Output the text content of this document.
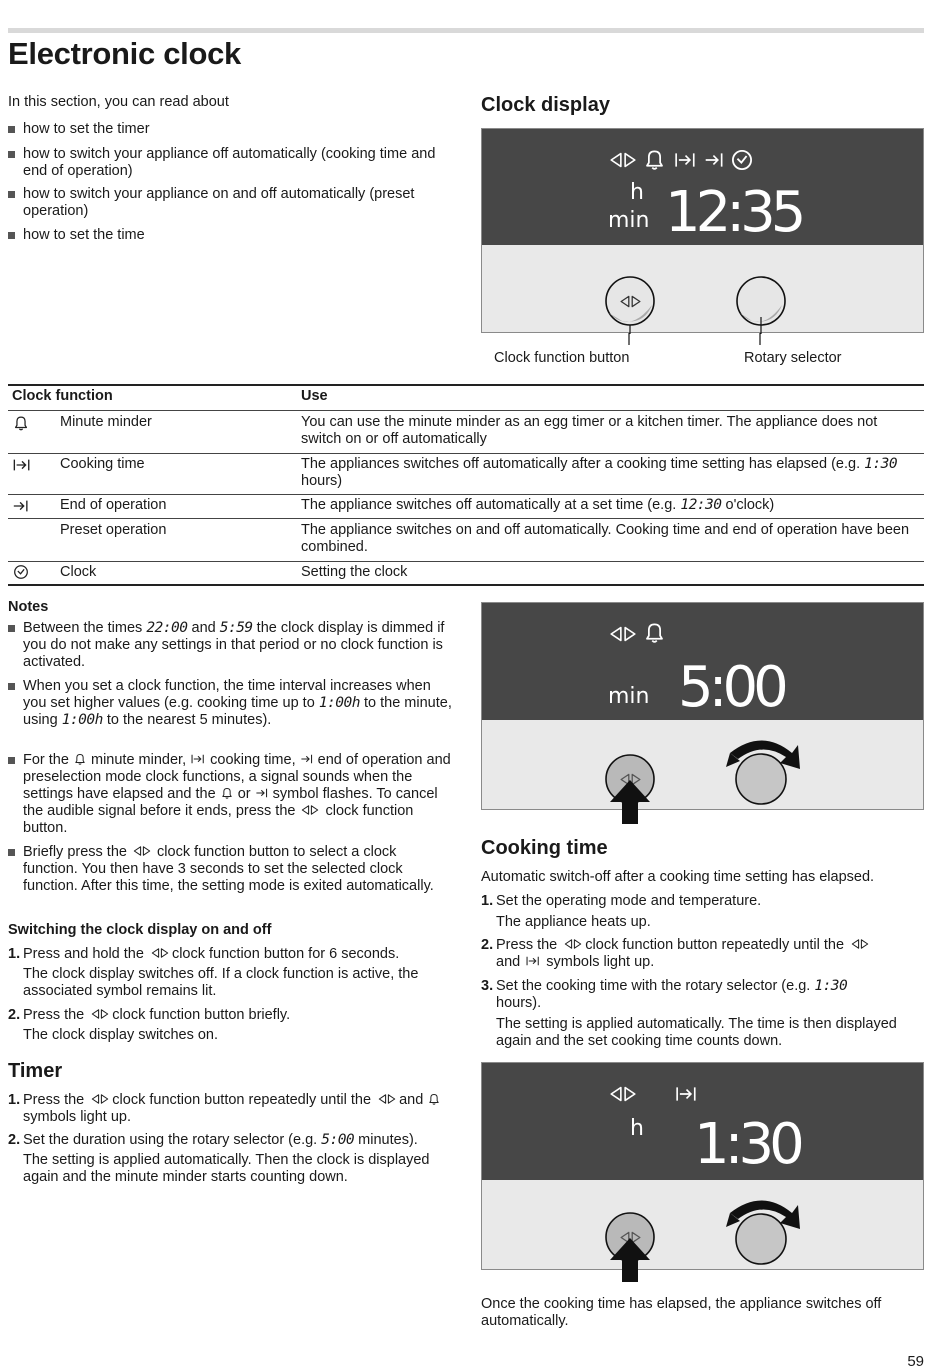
Electronic clock
In this section, you can read about
how to set the timer
how to switch your appliance off automatically (cooking time and end of operation)
how to switch your appliance on and off automatically (preset operation)
how to set the time
Clock display
h
min 12:35
Clock function button	Rotary selector
Clock function	Use
Minute minder	You can use the minute minder as an egg timer or a kitchen timer. The appliance does not switch on or off automatically
Cooking time	The appliances switches off automatically after a cooking time setting has elapsed (e.g. 1:30 hours)
End of operation	The appliance switches off automatically at a set time (e.g. 12:30 o'clock)
Preset operation	The appliance switches on and off automatically. Cooking time and end of operation have been combined.
Clock	Setting the clock
Notes
Between the times 22:00 and 5:59 the clock display is dimmed if you do not make any settings in that period or no clock function is activated.
When you set a clock function, the time interval increases when you set higher values (e.g. cooking time up to 1:00h to the minute, using 1:00h to the nearest 5 minutes).
For the  minute minder,  cooking time,  end of operation and preselection mode clock functions, a signal sounds when the settings have elapsed and the  or  symbol flashes. To cancel the audible signal before it ends, press the  clock function button.
Briefly press the  clock function button to select a clock function. You then have 3 seconds to set the selected clock function. After this time, the setting mode is exited automatically.
Switching the clock display on and off
1. Press and hold the clock function button for 6 seconds.
The clock display switches off. If a clock function is active, the associated symbol remains lit.
2. Press the clock function button briefly.
The clock display switches on.
Timer
1. Press the clock function button repeatedly until the and  symbols light up.
2. Set the duration using the rotary selector (e.g. 5:00 minutes).
The setting is applied automatically. Then the clock is displayed again and the minute minder starts counting down.
min 5:00
Cooking time
Automatic switch-off after a cooking time setting has elapsed.
1. Set the operating mode and temperature.
The appliance heats up.
2. Press the clock function button repeatedly until the and  symbols light up.
3. Set the cooking time with the rotary selector (e.g. 1:30 hours).
The setting is applied automatically. The time is then displayed again and the set cooking time counts down.
h 1:30
Once the cooking time has elapsed, the appliance switches off automatically.
59
